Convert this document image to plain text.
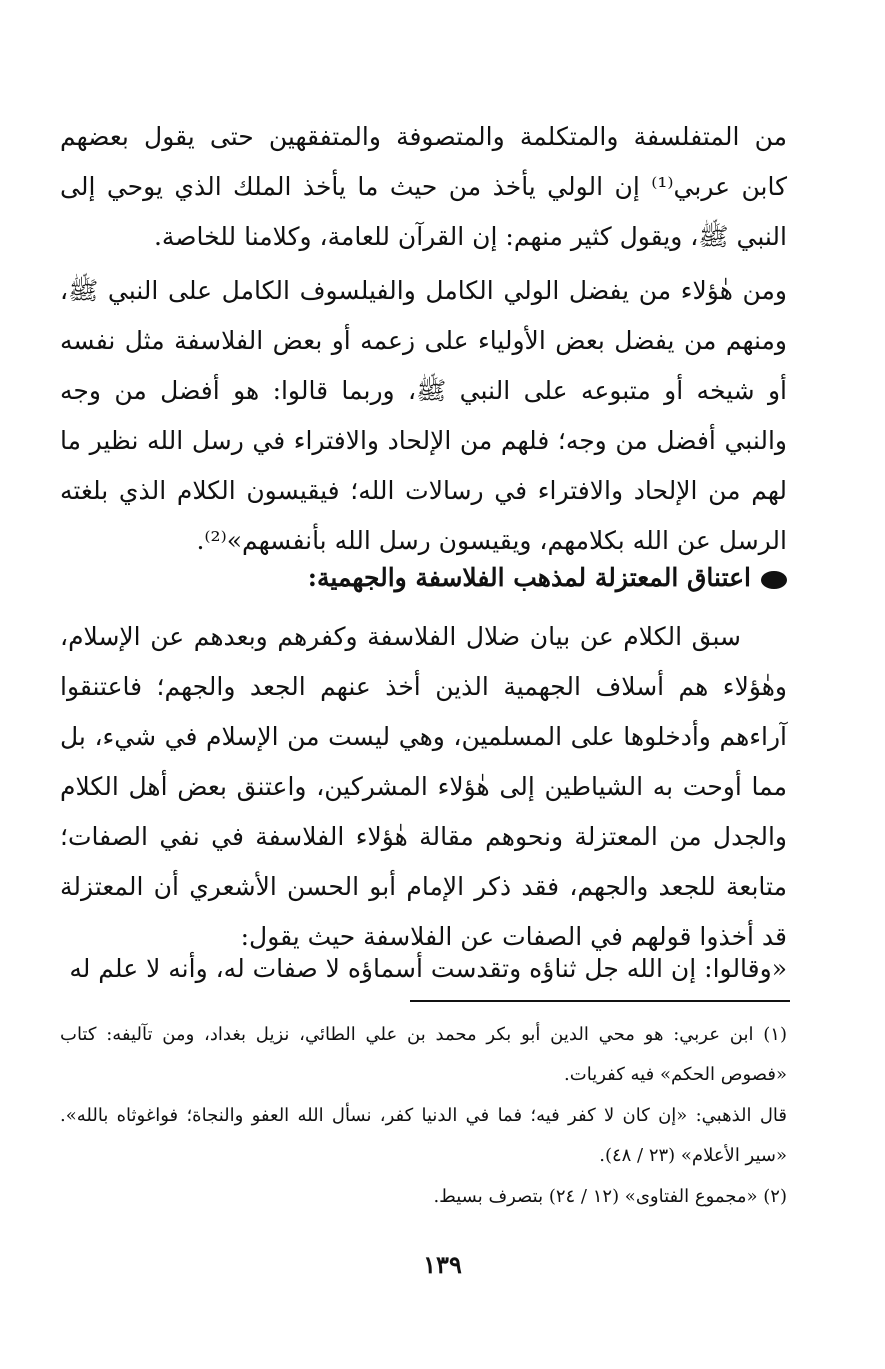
من المتفلسفة والمتكلمة والمتصوفة والمتفقهين حتى يقول بعضهم كابن عربي⁽¹⁾ إن الولي يأخذ من حيث ما يأخذ الملك الذي يوحي إلى النبي ﷺ، ويقول كثير منهم: إن القرآن للعامة، وكلامنا للخاصة.

ومن هٰؤلاء من يفضل الولي الكامل والفيلسوف الكامل على النبي ﷺ، ومنهم من يفضل بعض الأولياء على زعمه أو بعض الفلاسفة مثل نفسه أو شيخه أو متبوعه على النبي ﷺ، وربما قالوا: هو أفضل من وجه والنبي أفضل من وجه؛ فلهم من الإلحاد والافتراء في رسل الله نظير ما لهم من الإلحاد والافتراء في رسالات الله؛ فيقيسون الكلام الذي بلغته الرسل عن الله بكلامهم، ويقيسون رسل الله بأنفسهم»⁽²⁾.

اعتناق المعتزلة لمذهب الفلاسفة والجهمية:

سبق الكلام عن بيان ضلال الفلاسفة وكفرهم وبعدهم عن الإسلام، وهٰؤلاء هم أسلاف الجهمية الذين أخذ عنهم الجعد والجهم؛ فاعتنقوا آراءهم وأدخلوها على المسلمين، وهي ليست من الإسلام في شيء، بل مما أوحت به الشياطين إلى هٰؤلاء المشركين، واعتنق بعض أهل الكلام والجدل من المعتزلة ونحوهم مقالة هٰؤلاء الفلاسفة في نفي الصفات؛ متابعة للجعد والجهم، فقد ذكر الإمام أبو الحسن الأشعري أن المعتزلة قد أخذوا قولهم في الصفات عن الفلاسفة حيث يقول:

«وقالوا: إن الله جل ثناؤه وتقدست أسماؤه لا صفات له، وأنه لا علم له

(١) ابن عربي: هو محي الدين أبو بكر محمد بن علي الطائي، نزيل بغداد، ومن تآليفه: كتاب «فصوص الحكم» فيه كفريات.

قال الذهبي: «إن كان لا كفر فيه؛ فما في الدنيا كفر، نسأل الله العفو والنجاة؛ فواغوثاه بالله». «سير الأعلام» (٢٣ / ٤٨).

(٢) «مجموع الفتاوى» (١٢ / ٢٤) بتصرف بسيط.

١٣٩
